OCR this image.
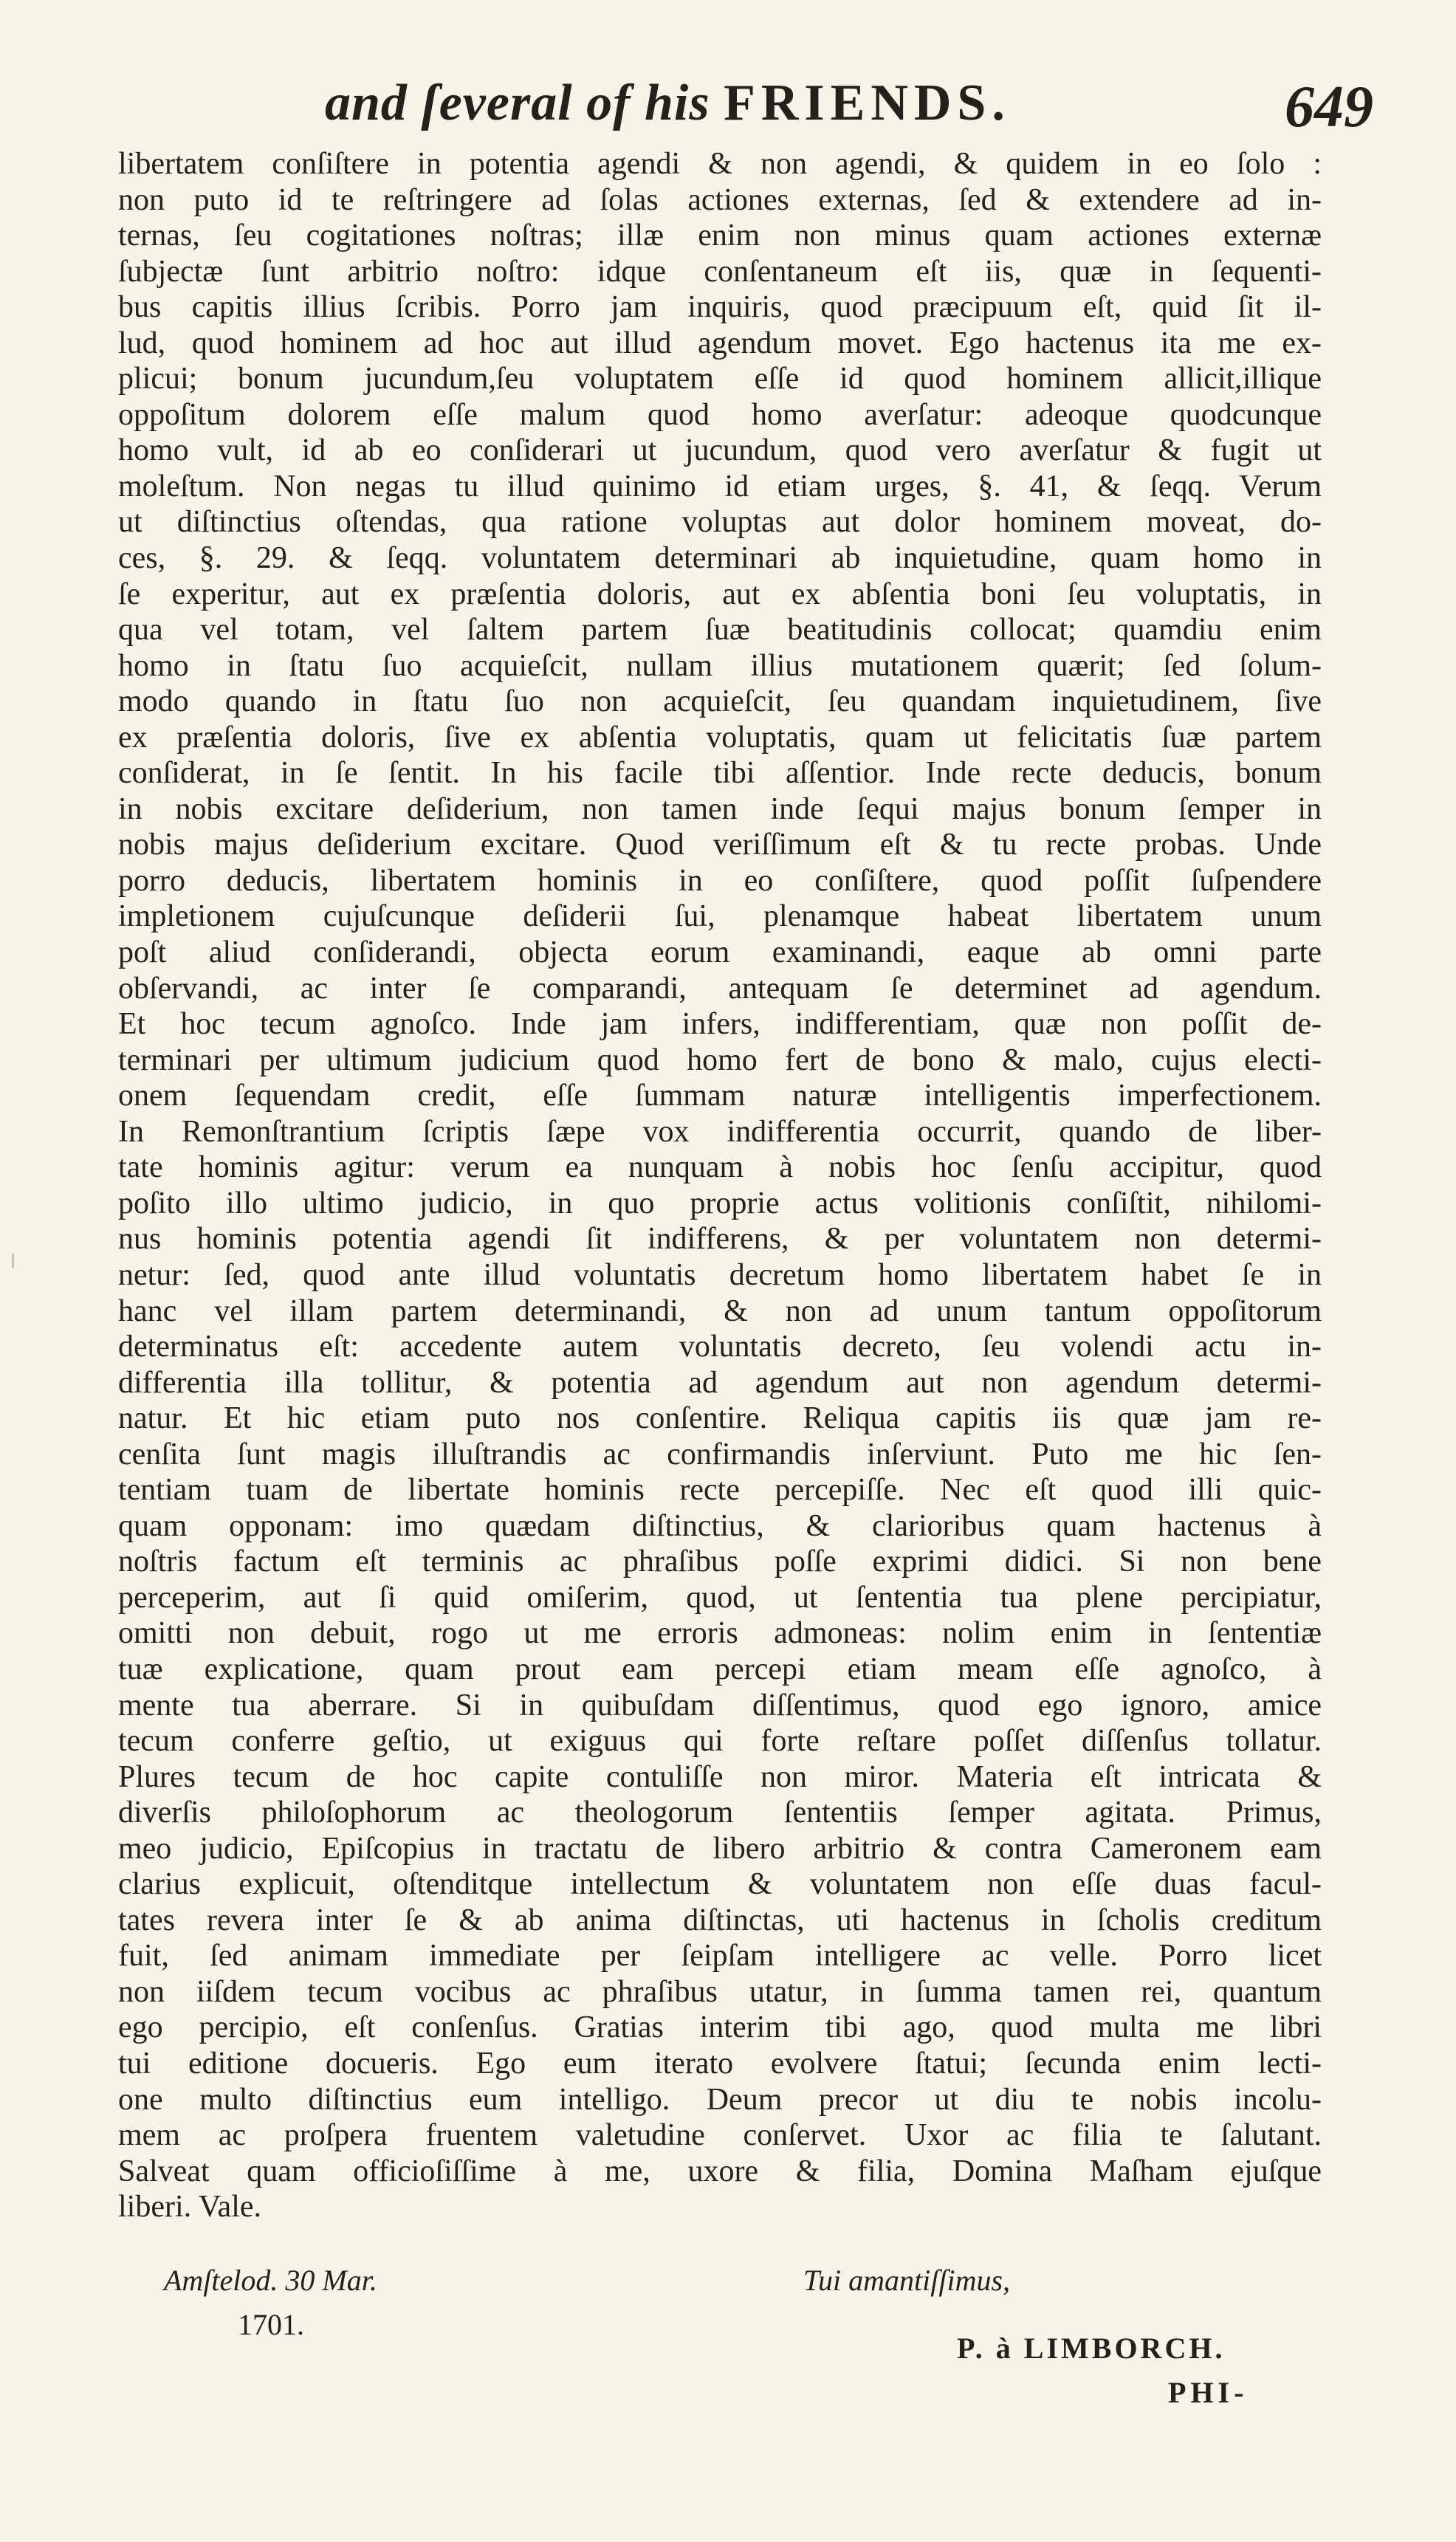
and ſeveral of his FRIENDS.	649
libertatem conſiſtere in potentia agendi & non agendi, & quidem in eo ſolo :
non puto id te reſtringere ad ſolas actiones externas, ſed & extendere ad in-
ternas, ſeu cogitationes noſtras; illæ enim non minus quam actiones externæ
ſubjectæ ſunt arbitrio noſtro: idque conſentaneum eſt iis, quæ in ſequenti-
bus capitis illius ſcribis. Porro jam inquiris, quod præcipuum eſt, quid ſit il-
lud, quod hominem ad hoc aut illud agendum movet. Ego hactenus ita me ex-
plicui; bonum jucundum,ſeu voluptatem eſſe id quod hominem allicit,illique
oppoſitum dolorem eſſe malum quod homo averſatur: adeoque quodcunque
homo vult, id ab eo conſiderari ut jucundum, quod vero averſatur & fugit ut
moleſtum. Non negas tu illud quinimo id etiam urges, §. 41, & ſeqq. Verum
ut diſtinctius oſtendas, qua ratione voluptas aut dolor hominem moveat, do-
ces, §. 29. & ſeqq. voluntatem determinari ab inquietudine, quam homo in
ſe experitur, aut ex præſentia doloris, aut ex abſentia boni ſeu voluptatis, in
qua vel totam, vel ſaltem partem ſuæ beatitudinis collocat; quamdiu enim
homo in ſtatu ſuo acquieſcit, nullam illius mutationem quærit; ſed ſolum-
modo quando in ſtatu ſuo non acquieſcit, ſeu quandam inquietudinem, ſive
ex præſentia doloris, ſive ex abſentia voluptatis, quam ut felicitatis ſuæ partem
conſiderat, in ſe ſentit. In his facile tibi aſſentior. Inde recte deducis, bonum
in nobis excitare deſiderium, non tamen inde ſequi majus bonum ſemper in
nobis majus deſiderium excitare. Quod veriſſimum eſt & tu recte probas. Unde
porro deducis, libertatem hominis in eo conſiſtere, quod poſſit ſuſpendere
impletionem cujuſcunque deſiderii ſui, plenamque habeat libertatem unum
poſt aliud conſiderandi, objecta eorum examinandi, eaque ab omni parte
obſervandi, ac inter ſe comparandi, antequam ſe determinet ad agendum.
Et hoc tecum agnoſco. Inde jam infers, indifferentiam, quæ non poſſit de-
terminari per ultimum judicium quod homo fert de bono & malo, cujus electi-
onem ſequendam credit, eſſe ſummam naturæ intelligentis imperfectionem.
In Remonſtrantium ſcriptis ſæpe vox indifferentia occurrit, quando de liber-
tate hominis agitur: verum ea nunquam à nobis hoc ſenſu accipitur, quod
poſito illo ultimo judicio, in quo proprie actus volitionis conſiſtit, nihilomi-
nus hominis potentia agendi ſit indifferens, & per voluntatem non determi-
netur: ſed, quod ante illud voluntatis decretum homo libertatem habet ſe in
hanc vel illam partem determinandi, & non ad unum tantum oppoſitorum
determinatus eſt: accedente autem voluntatis decreto, ſeu volendi actu in-
differentia illa tollitur, & potentia ad agendum aut non agendum determi-
natur. Et hic etiam puto nos conſentire. Reliqua capitis iis quæ jam re-
cenſita ſunt magis illuſtrandis ac confirmandis inſerviunt. Puto me hic ſen-
tentiam tuam de libertate hominis recte percepiſſe. Nec eſt quod illi quic-
quam opponam: imo quædam diſtinctius, & clarioribus quam hactenus à
noſtris factum eſt terminis ac phraſibus poſſe exprimi didici. Si non bene
perceperim, aut ſi quid omiſerim, quod, ut ſententia tua plene percipiatur,
omitti non debuit, rogo ut me erroris admoneas: nolim enim in ſententiæ
tuæ explicatione, quam prout eam percepi etiam meam eſſe agnoſco, à
mente tua aberrare. Si in quibuſdam diſſentimus, quod ego ignoro, amice
tecum conferre geſtio, ut exiguus qui forte reſtare poſſet diſſenſus tollatur.
Plures tecum de hoc capite contuliſſe non miror. Materia eſt intricata &
diverſis philoſophorum ac theologorum ſententiis ſemper agitata. Primus,
meo judicio, Epiſcopius in tractatu de libero arbitrio & contra Cameronem eam
clarius explicuit, oſtenditque intellectum & voluntatem non eſſe duas facul-
tates revera inter ſe & ab anima diſtinctas, uti hactenus in ſcholis creditum
fuit, ſed animam immediate per ſeipſam intelligere ac velle. Porro licet
non iiſdem tecum vocibus ac phraſibus utatur, in ſumma tamen rei, quantum
ego percipio, eſt conſenſus. Gratias interim tibi ago, quod multa me libri
tui editione docueris. Ego eum iterato evolvere ſtatui; ſecunda enim lecti-
one multo diſtinctius eum intelligo. Deum precor ut diu te nobis incolu-
mem ac proſpera fruentem valetudine conſervet. Uxor ac filia te ſalutant.
Salveat quam officioſiſſime à me, uxore & filia, Domina Maſham ejuſque
liberi. Vale.
Amſtelod. 30 Mar.
1701.
Tui amantiſſimus,
P. à LIMBORCH.
PHI-
